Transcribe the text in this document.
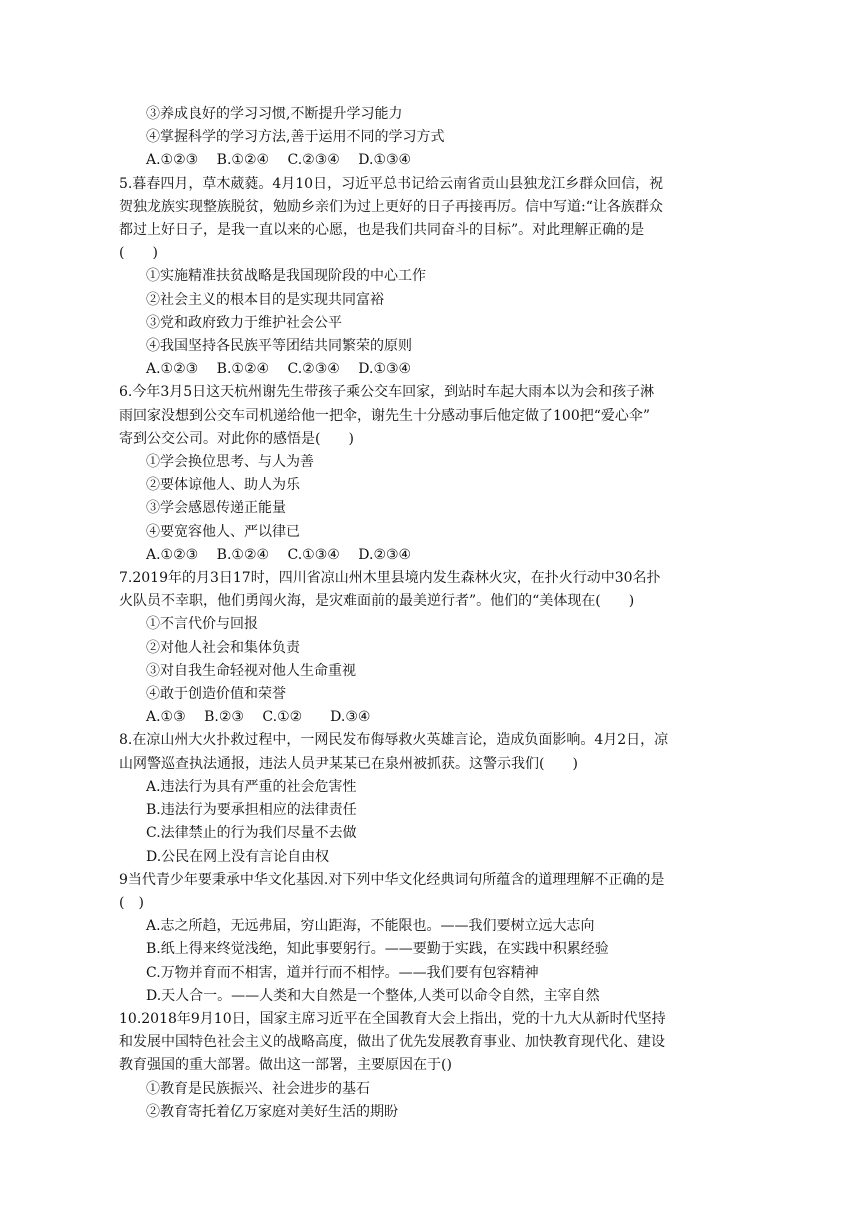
③养成良好的学习习惯,不断提升学习能力
④掌握科学的学习方法,善于运用不同的学习方式
A.①②③　 B.①②④　 C.②③④　 D.①③④
5.暮春四月，草木葳蕤。4月10日，习近平总书记给云南省贡山县独龙江乡群众回信，祝
贺独龙族实现整族脱贫，勉励乡亲们为过上更好的日子再接再厉。信中写道:“让各族群众
都过上好日子，是我一直以来的心愿，也是我们共同奋斗的目标”。对此理解正确的是
(　　)
①实施精准扶贫战略是我国现阶段的中心工作
②社会主义的根本目的是实现共同富裕
③党和政府致力于维护社会公平
④我国坚持各民族平等团结共同繁荣的原则
A.①②③　 B.①②④　 C.②③④　 D.①③④
6.今年3月5日这天杭州谢先生带孩子乘公交车回家，到站时车起大雨本以为会和孩子淋
雨回家没想到公交车司机递给他一把伞，谢先生十分感动事后他定做了100把“爱心伞”
寄到公交公司。对此你的感悟是(　　)
①学会换位思考、与人为善
②要体谅他人、助人为乐
③学会感恩传递正能量
④要宽容他人、严以律已
A.①②③　 B.①②④　 C.①③④　 D.②③④
7.2019年的月3日17时，四川省凉山州木里县境内发生森林火灾，在扑火行动中30名扑
火队员不幸职，他们勇闯火海，是灾难面前的最美逆行者”。他们的“美体现在(　　)
①不言代价与回报
②对他人社会和集体负责
③对自我生命轻视对他人生命重视
④敢于创造价值和荣誉
A.①③　 B.②③　 C.①②　　D.③④
8.在凉山州大火扑救过程中，一网民发布侮辱救火英雄言论，造成负面影响。4月2日，凉
山网警巡查执法通报，违法人员尹某某已在泉州被抓获。这警示我们(　　)
A.违法行为具有严重的社会危害性
B.违法行为要承担相应的法律责任
C.法律禁止的行为我们尽量不去做
D.公民在网上没有言论自由权
9当代青少年要秉承中华文化基因.对下列中华文化经典词句所蕴含的道理理解不正确的是
(　)
A.志之所趋，无远弗届，穷山距海，不能限也。——我们要树立远大志向
B.纸上得来终觉浅绝，知此事要躬行。——要勤于实践，在实践中积累经验
C.万物并育而不相害，道并行而不相悖。——我们要有包容精神
D.天人合一。——人类和大自然是一个整体,人类可以命令自然，主宰自然
10.2018年9月10日，国家主席习近平在全国教育大会上指出，党的十九大从新时代坚持
和发展中国特色社会主义的战略高度，做出了优先发展教育事业、加快教育现代化、建设
教育强国的重大部署。做出这一部署，主要原因在于()
①教育是民族振兴、社会进步的基石
②教育寄托着亿万家庭对美好生活的期盼
